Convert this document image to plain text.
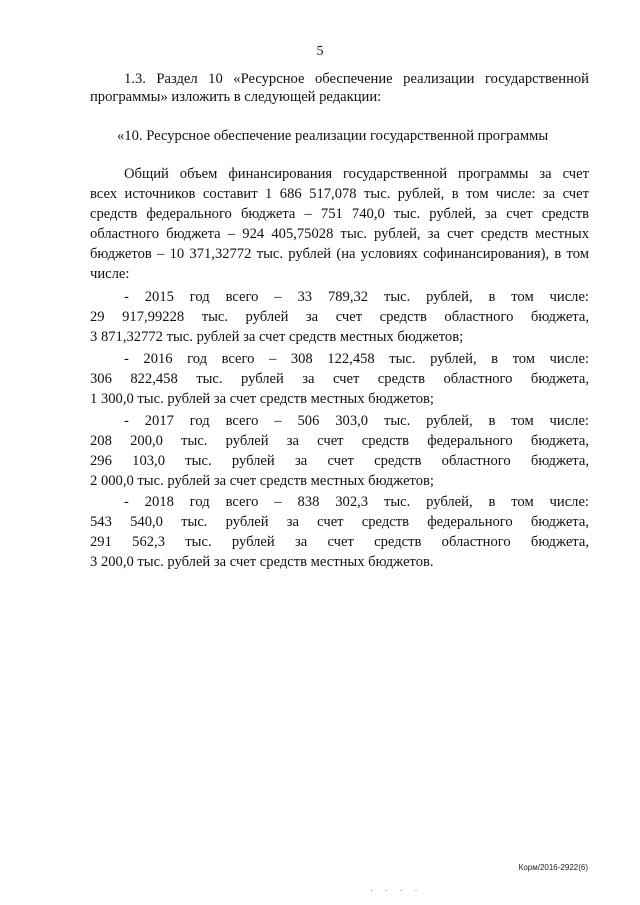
5
1.3. Раздел 10 «Ресурсное обеспечение реализации государственной
программы» изложить в следующей редакции:
«10. Ресурсное обеспечение реализации государственной программы
Общий объем финансирования государственной программы за счет
всех источников составит 1 686 517,078 тыс. рублей, в том числе: за счет
средств федерального бюджета – 751 740,0 тыс. рублей, за счет средств
областного бюджета – 924 405,75028 тыс. рублей, за счет средств местных
бюджетов – 10 371,32772 тыс. рублей (на условиях софинансирования), в том
числе:
- 2015 год всего – 33 789,32 тыс. рублей, в том числе:
29 917,99228 тыс. рублей за счет средств областного бюджета,
3 871,32772 тыс. рублей за счет средств местных бюджетов;
- 2016 год всего – 308 122,458 тыс. рублей, в том числе:
306 822,458 тыс. рублей за счет средств областного бюджета,
1 300,0 тыс. рублей за счет средств местных бюджетов;
- 2017 год всего – 506 303,0 тыс. рублей, в том числе:
208 200,0 тыс. рублей за счет средств федерального бюджета,
296 103,0 тыс. рублей за счет средств областного бюджета,
2 000,0 тыс. рублей за счет средств местных бюджетов;
- 2018 год всего – 838 302,3 тыс. рублей, в том числе:
543 540,0 тыс. рублей за счет средств федерального бюджета,
291 562,3 тыс. рублей за счет средств областного бюджета,
3 200,0 тыс. рублей за счет средств местных бюджетов.
Корм/2016-2922(6)
· · · ·
